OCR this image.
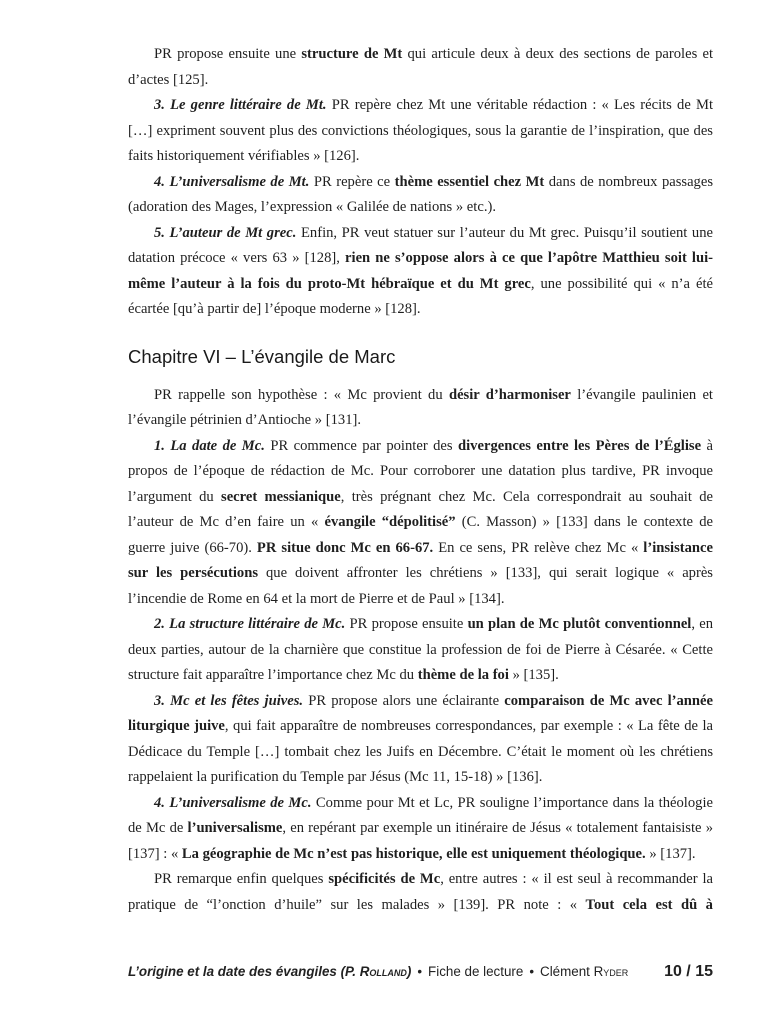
PR propose ensuite une structure de Mt qui articule deux à deux des sections de paroles et d’actes [125].

3. Le genre littéraire de Mt. PR repère chez Mt une véritable rédaction : « Les récits de Mt […] expriment souvent plus des convictions théologiques, sous la garantie de l’inspiration, que des faits historiquement vérifiables » [126].

4. L’universalisme de Mt. PR repère ce thème essentiel chez Mt dans de nombreux passages (adoration des Mages, l’expression « Galilée de nations » etc.).

5. L’auteur de Mt grec. Enfin, PR veut statuer sur l’auteur du Mt grec. Puisqu’il soutient une datation précoce « vers 63 » [128], rien ne s’oppose alors à ce que l’apôtre Matthieu soit lui-même l’auteur à la fois du proto-Mt hébraïque et du Mt grec, une possibilité qui « n’a été écartée [qu’à partir de] l’époque moderne » [128].

Chapitre VI – L’évangile de Marc

PR rappelle son hypothèse : « Mc provient du désir d’harmoniser l’évangile paulinien et l’évangile pétrinien d’Antioche » [131].

1. La date de Mc. PR commence par pointer des divergences entre les Pères de l’Église à propos de l’époque de rédaction de Mc. Pour corroborer une datation plus tardive, PR invoque l’argument du secret messianique, très prégnant chez Mc. Cela correspondrait au souhait de l’auteur de Mc d’en faire un « évangile “dépolitisé” (C. Masson) » [133] dans le contexte de guerre juive (66-70). PR situe donc Mc en 66-67. En ce sens, PR relève chez Mc « l’insistance sur les persécutions que doivent affronter les chrétiens » [133], qui serait logique « après l’incendie de Rome en 64 et la mort de Pierre et de Paul » [134].

2. La structure littéraire de Mc. PR propose ensuite un plan de Mc plutôt conventionnel, en deux parties, autour de la charnière que constitue la profession de foi de Pierre à Césarée. « Cette structure fait apparaître l’importance chez Mc du thème de la foi » [135].

3. Mc et les fêtes juives. PR propose alors une éclairante comparaison de Mc avec l’année liturgique juive, qui fait apparaître de nombreuses correspondances, par exemple : « La fête de la Dédicace du Temple […] tombait chez les Juifs en Décembre. C’était le moment où les chrétiens rappelaient la purification du Temple par Jésus (Mc 11, 15-18) » [136].

4. L’universalisme de Mc. Comme pour Mt et Lc, PR souligne l’importance dans la théologie de Mc de l’universalisme, en repérant par exemple un itinéraire de Jésus « totalement fantaisiste » [137] : « La géographie de Mc n’est pas historique, elle est uniquement théologique. » [137].

PR remarque enfin quelques spécificités de Mc, entre autres : « il est seul à recommander la pratique de “l’onction d’huile” sur les malades » [139]. PR note : « Tout cela est dû à

L’origine et la date des évangiles (P. Rolland) • Fiche de lecture • Clément Ryder 10 / 15
